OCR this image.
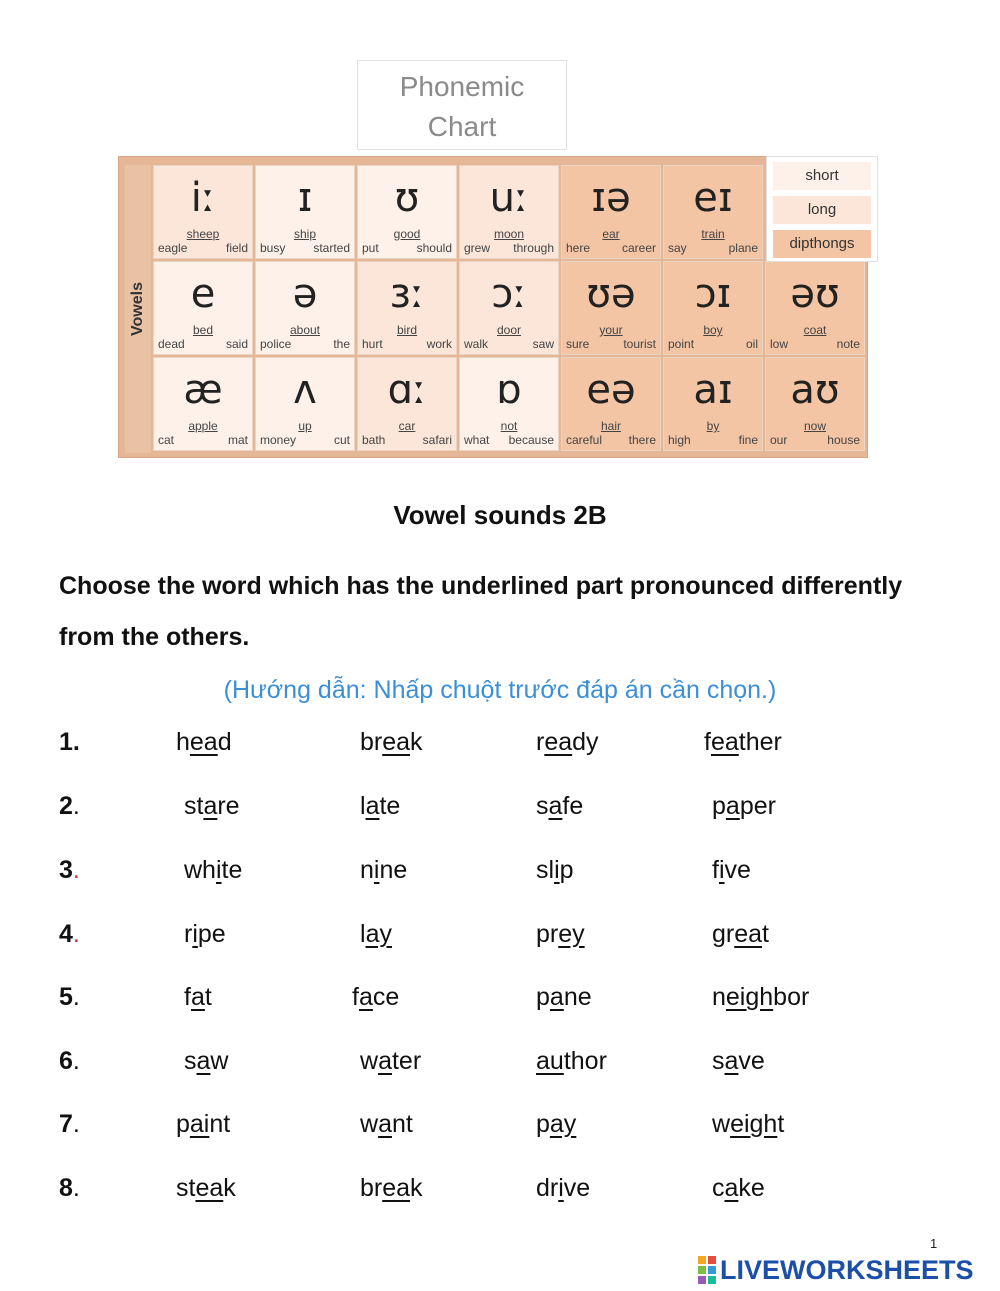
Phonemic
Chart
Vowels
iː
sheep
eagle	field
ɪ
ship
busy started
ʊ
good
put	should
uː
moon
grew through
ɪə
ear
here	career
eɪ
train
say	plane
e
bed
dead	said
ə
about
police	the
ɜː
bird
hurt	work
ɔː
door
walk	saw
ʊə
your
sure	tourist
ɔɪ
boy
point	oil
əʊ
coat
low	note
æ
apple
cat	mat
ʌ
up
money	cut
ɑː
car
bath	safari
ɒ
not
what because
eə
hair
careful there
aɪ
by
high	fine
aʊ
now
our	house
short
long
dipthongs
Vowel sounds 2B
Choose the word which has the underlined part pronounced differently from the others.
(Hướng dẫn: Nhấp chuột trước đáp án cần chọn.)
1.	head	break	ready	feather
2.	stare	late	safe	paper
3.	white	nine	slip	five
4.	ripe	lay	prey	great
5.	fat	face	pane	neighbor
6.	saw	water	author	save
7.	paint	want	pay	weight
8.	steak	break	drive	cake
1
LIVEWORKSHEETS
